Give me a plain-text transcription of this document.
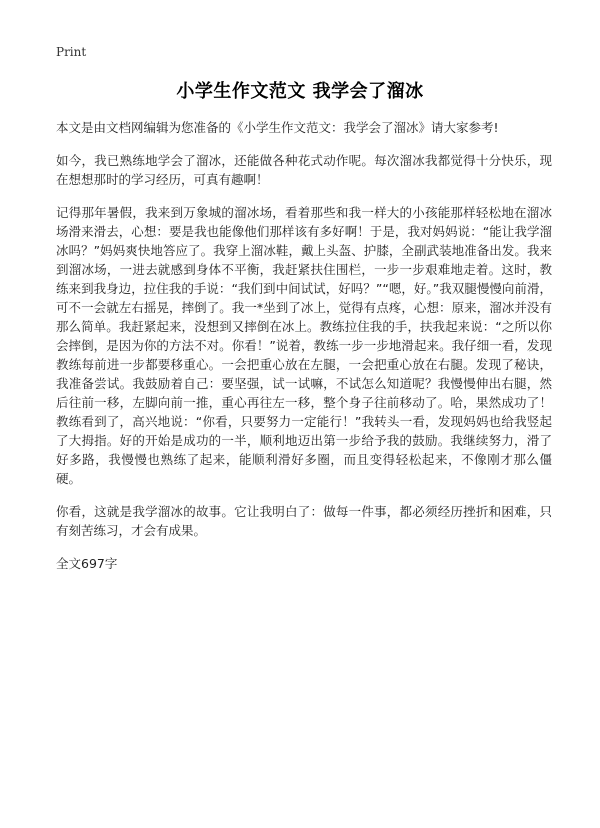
Print
小学生作文范文 我学会了溜冰

本文是由文档网编辑为您准备的《小学生作文范文：我学会了溜冰》请大家参考!

如今，我已熟练地学会了溜冰，还能做各种花式动作呢。每次溜冰我都觉得十分快乐，现在想想那时的学习经历，可真有趣啊！

记得那年暑假，我来到万象城的溜冰场，看着那些和我一样大的小孩能那样轻松地在溜冰场滑来滑去，心想：要是我也能像他们那样该有多好啊！于是，我对妈妈说：“能让我学溜冰吗？”妈妈爽快地答应了。我穿上溜冰鞋，戴上头盔、护膝，全副武装地准备出发。我来到溜冰场，一进去就感到身体不平衡，我赶紧扶住围栏，一步一步艰难地走着。这时，教练来到我身边，拉住我的手说：“我们到中间试试，好吗？”“嗯，好。”我双腿慢慢向前滑，可不一会就左右摇晃，摔倒了。我一*坐到了冰上，觉得有点疼，心想：原来，溜冰并没有那么简单。我赶紧起来，没想到又摔倒在冰上。教练拉住我的手，扶我起来说：“之所以你会摔倒，是因为你的方法不对。你看！”说着，教练一步一步地滑起来。我仔细一看，发现教练每前进一步都要移重心。一会把重心放在左腿，一会把重心放在右腿。发现了秘诀，我准备尝试。我鼓励着自己：要坚强，试一试嘛，不试怎么知道呢？我慢慢伸出右腿，然后往前一移，左脚向前一推，重心再往左一移，整个身子往前移动了。哈，果然成功了！教练看到了，高兴地说：“你看，只要努力一定能行！”我转头一看，发现妈妈也给我竖起了大拇指。好的开始是成功的一半，顺利地迈出第一步给予我的鼓励。我继续努力，滑了好多路，我慢慢也熟练了起来，能顺利滑好多圈，而且变得轻松起来，不像刚才那么僵硬。

你看，这就是我学溜冰的故事。它让我明白了：做每一件事，都必须经历挫折和困难，只有刻苦练习，才会有成果。

全文697字
